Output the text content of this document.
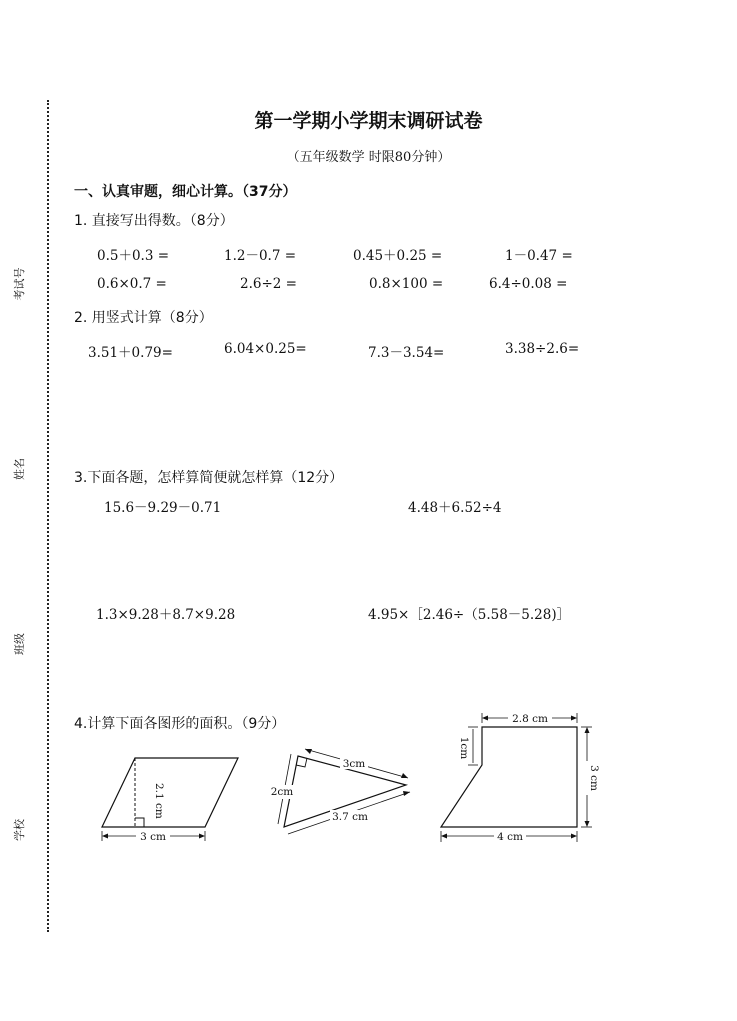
考试号
姓名
班级
学校
第一学期小学期末调研试卷
（五年级数学 时限80分钟）
一、认真审题，细心计算。（37分）
1. 直接写出得数。（8分）
0.5＋0.3 =	1.2－0.7 =	0.45＋0.25 =	1－0.47 =
0.6×0.7 =	2.6÷2 =	0.8×100 =	6.4÷0.08 =
2. 用竖式计算（8分）
3.51＋0.79=	6.04×0.25=	7.3－3.54=	3.38÷2.6=
3.下面各题，怎样算简便就怎样算（12分）
15.6－9.29－0.71	4.48＋6.52÷4
1.3×9.28＋8.7×9.28	4.95×［2.46÷（5.58－5.28)］
4.计算下面各图形的面积。（9分）
2.1 cm
3 cm
3cm
2cm
3.7 cm
2.8 cm
1cm
3 cm
4 cm
